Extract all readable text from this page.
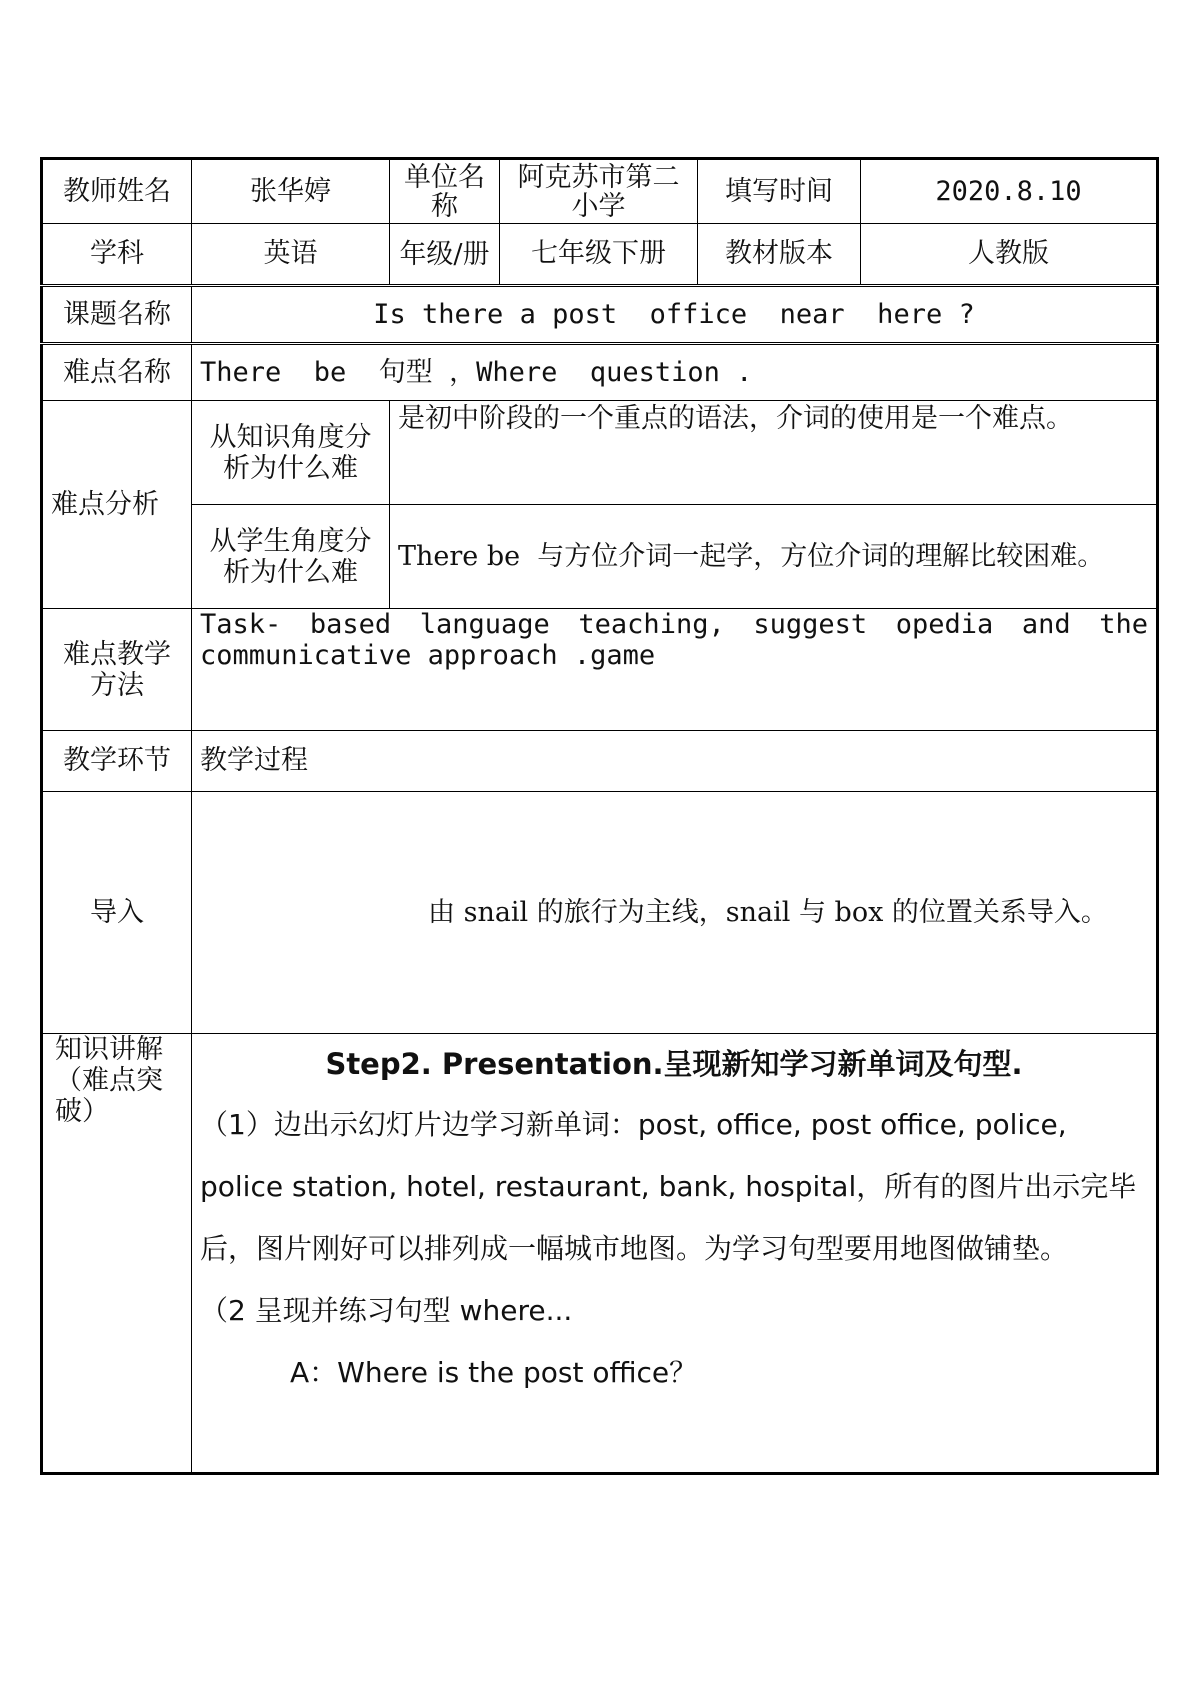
教师姓名	张华婷	单位名称	阿克苏市第二小学	填写时间	2020.8.10
学科	英语	年级/册	七年级下册	教材版本	人教版
课题名称	Is there a post  office  near  here ?				
难点名称	There  be  句型 ，Where  question .				
难点分析	从知识角度分析为什么难	是初中阶段的一个重点的语法，介词的使用是一个难点。			
	从学生角度分析为什么难	There be  与方位介词一起学，方位介词的理解比较困难。			
难点教学方法	Task- based language teaching, suggest opedia and the
communicative approach .game				

教学环节	教学过程				
导入	由 snail 的旅行为主线，snail 与 box 的位置关系导入。				
知识讲解（难点突破）	Step2. Presentation.呈现新知学习新单词及句型.

（1）边出示幻灯片边学习新单词：post, office, post office, police, police station, hotel, restaurant, bank, hospital，所有的图片出示完毕后，图片刚好可以排列成一幅城市地图。为学习句型要用地图做铺垫。

（2 呈现并练习句型 where...

A：Where is the post office？				
